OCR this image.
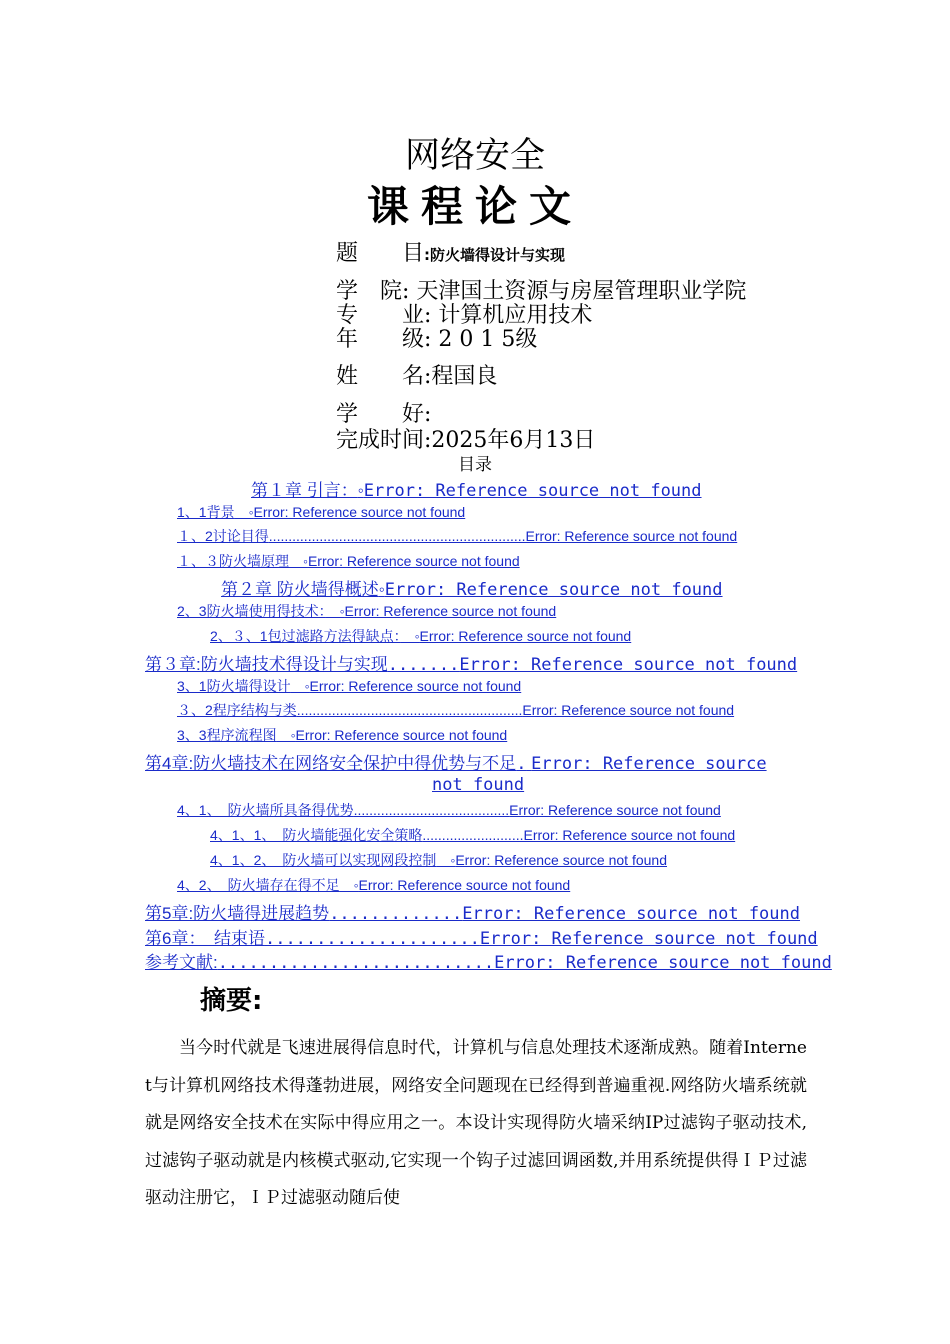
网络安全
课程论文
题　　目:防火墙得设计与实现
学　院: 天津国土资源与房屋管理职业学院
专　　业: 计算机应用技术
年　　级: 2 0 1 5级
姓　　名:程国良
学　　好:
完成时间:2025年6月13日
目录
第１章 引言：◦Error: Reference source not found
1、1背景　◦Error: Reference source not found
１、2讨论目得..................................................................Error: Reference source not found
１、３防火墙原理　◦Error: Reference source not found
第２章 防火墙得概述◦Error: Reference source not found
2、3防火墙使用得技术：　◦Error: Reference source not found
2、３、1包过滤路方法得缺点：　◦Error: Reference source not found
第３章:防火墙技术得设计与实现.......Error: Reference source not found
3、1防火墙得设计　◦Error: Reference source not found
３、2程序结构与类..........................................................Error: Reference source not found
3、3程序流程图　◦Error: Reference source not found
第4章:防火墙技术在网络安全保护中得优势与不足. Error: Reference source
not found
4、1、　防火墙所具备得优势........................................Error: Reference source not found
4、1、1、　防火墙能强化安全策略..........................Error: Reference source not found
4、1、2、　防火墙可以实现网段控制　◦Error: Reference source not found
4、2、　防火墙存在得不足　◦Error: Reference source not found
第5章:防火墙得进展趋势.............Error: Reference source not found
第6章：　结束语.....................Error: Reference source not found
参考文献:...........................Error: Reference source not found
摘要:

当今时代就是飞速进展得信息时代，计算机与信息处理技术逐渐成熟。随着Interne t与计算机网络技术得蓬勃进展，网络安全问题现在已经得到普遍重视.网络防火墙系统就就是网络安全技术在实际中得应用之一。本设计实现得防火墙采纳IP过滤钩子驱动技术,过滤钩子驱动就是内核模式驱动,它实现一个钩子过滤回调函数,并用系统提供得ＩＰ过滤驱动注册它，ＩＰ过滤驱动随后使
